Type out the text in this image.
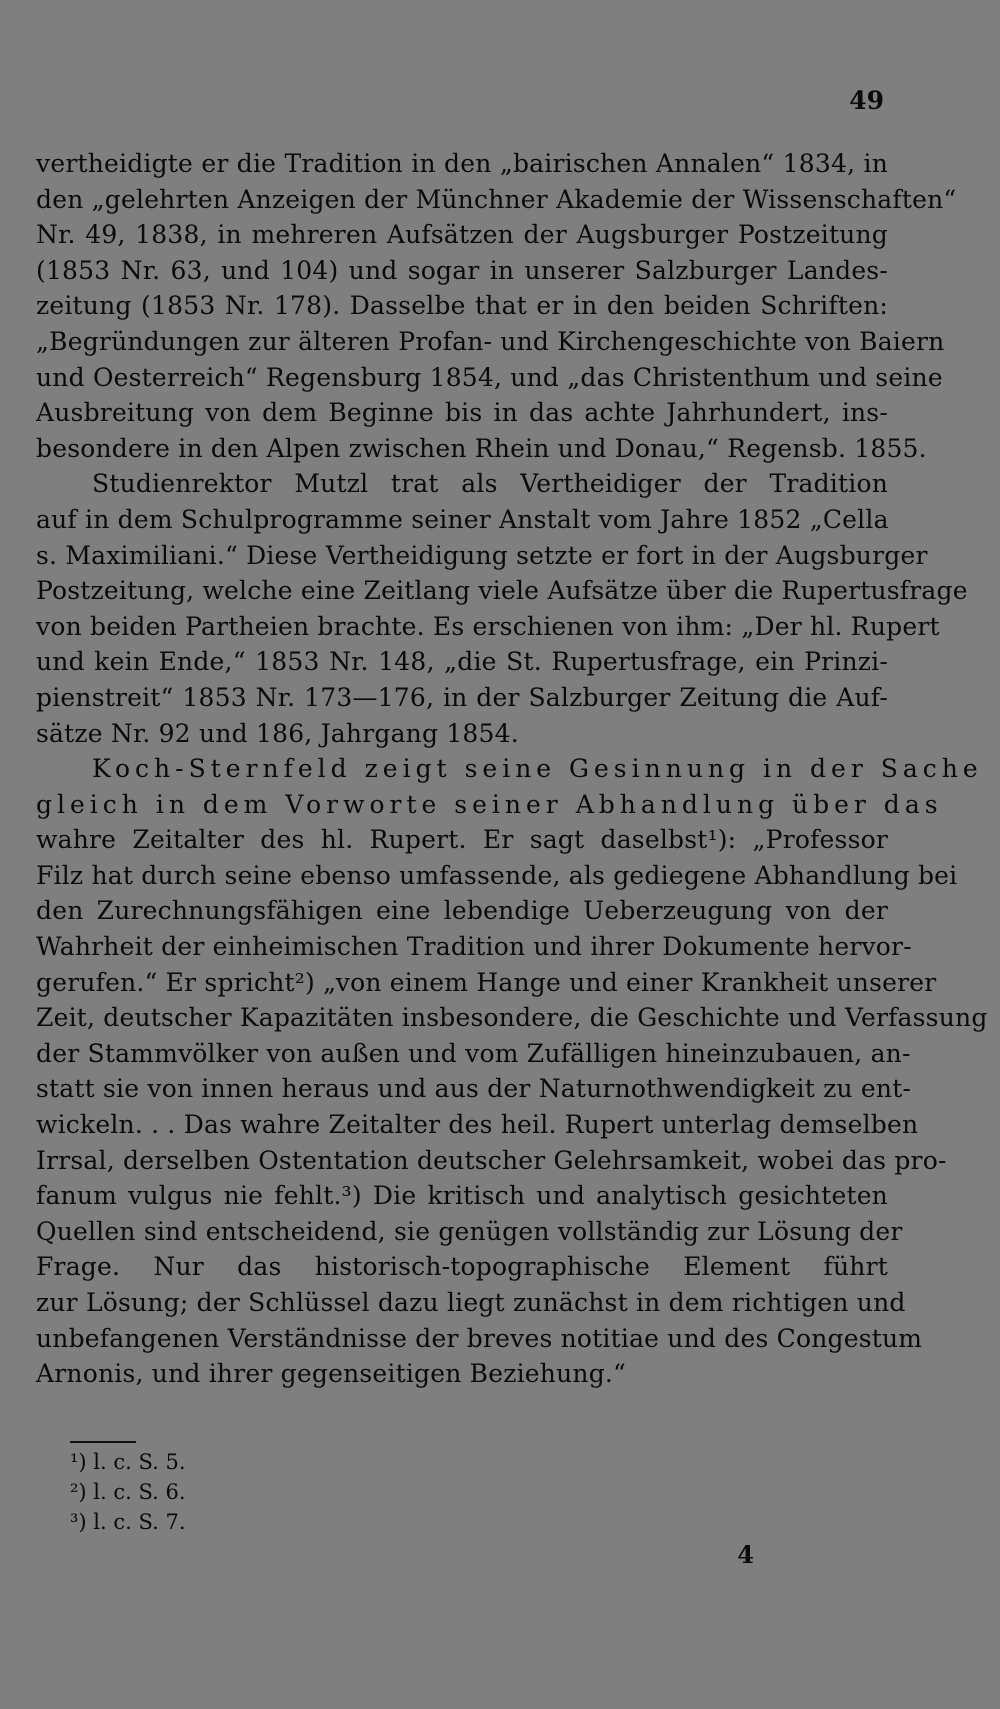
49
vertheidigte er die Tradition in den „bairischen Annalen“ 1834, in
den „gelehrten Anzeigen der Münchner Akademie der Wissenschaften“
Nr. 49, 1838, in mehreren Aufsätzen der Augsburger Postzeitung
(1853 Nr. 63, und 104) und sogar in unserer Salzburger Landes-
zeitung (1853 Nr. 178). Dasselbe that er in den beiden Schriften:
„Begründungen zur älteren Profan- und Kirchengeschichte von Baiern
und Oesterreich“ Regensburg 1854, und „das Christenthum und seine
Ausbreitung von dem Beginne bis in das achte Jahrhundert, ins-
besondere in den Alpen zwischen Rhein und Donau,“ Regensb. 1855.
Studienrektor Mutzl trat als Vertheidiger der Tradition
auf in dem Schulprogramme seiner Anstalt vom Jahre 1852 „Cella
s. Maximiliani.“ Diese Vertheidigung setzte er fort in der Augsburger
Postzeitung, welche eine Zeitlang viele Aufsätze über die Rupertusfrage
von beiden Partheien brachte. Es erschienen von ihm: „Der hl. Rupert
und kein Ende,“ 1853 Nr. 148, „die St. Rupertusfrage, ein Prinzi-
pienstreit“ 1853 Nr. 173—176, in der Salzburger Zeitung die Auf-
sätze Nr. 92 und 186, Jahrgang 1854.
Koch-Sternfeld zeigt seine Gesinnung in der Sache
gleich in dem Vorworte seiner Abhandlung über das
wahre Zeitalter des hl. Rupert. Er sagt daselbst¹): „Professor
Filz hat durch seine ebenso umfassende, als gediegene Abhandlung bei
den Zurechnungsfähigen eine lebendige Ueberzeugung von der
Wahrheit der einheimischen Tradition und ihrer Dokumente hervor-
gerufen.“ Er spricht²) „von einem Hange und einer Krankheit unserer
Zeit, deutscher Kapazitäten insbesondere, die Geschichte und Verfassung
der Stammvölker von außen und vom Zufälligen hineinzubauen, an-
statt sie von innen heraus und aus der Naturnothwendigkeit zu ent-
wickeln. . . Das wahre Zeitalter des heil. Rupert unterlag demselben
Irrsal, derselben Ostentation deutscher Gelehrsamkeit, wobei das pro-
fanum vulgus nie fehlt.³) Die kritisch und analytisch gesichteten
Quellen sind entscheidend, sie genügen vollständig zur Lösung der
Frage. Nur das historisch-topographische Element führt
zur Lösung; der Schlüssel dazu liegt zunächst in dem richtigen und
unbefangenen Verständnisse der breves notitiae und des Congestum
Arnonis, und ihrer gegenseitigen Beziehung.“
¹) l. c. S. 5.
²) l. c. S. 6.
³) l. c. S. 7.
4
